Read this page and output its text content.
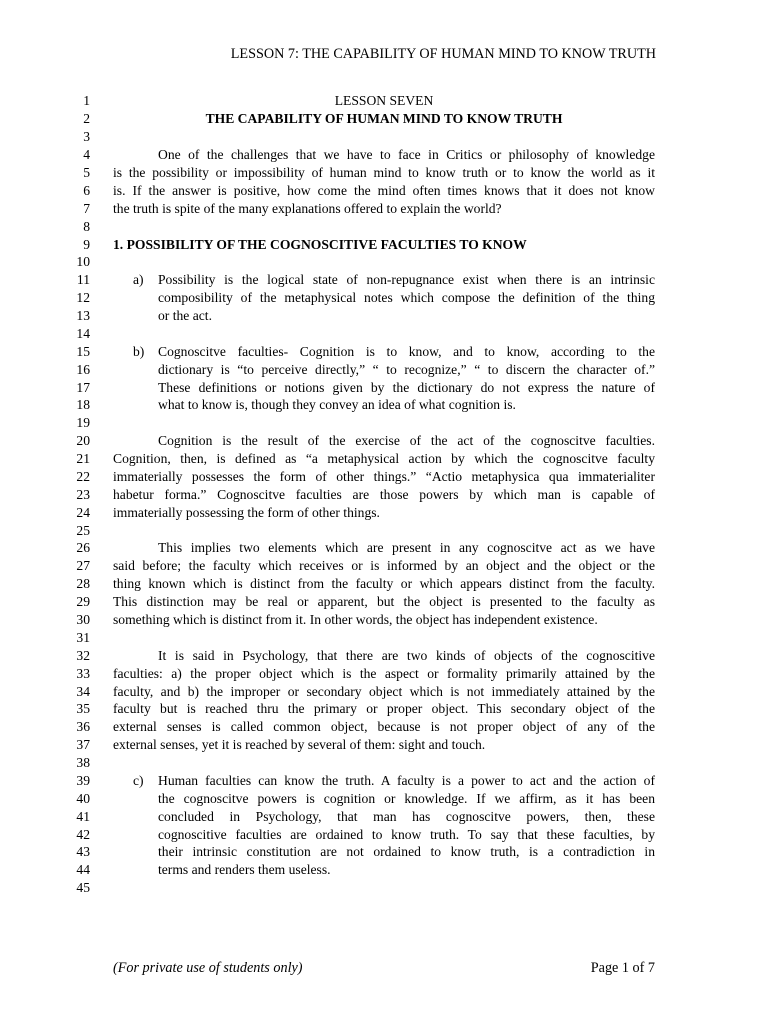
LESSON 7: THE CAPABILITY OF HUMAN MIND TO KNOW TRUTH
1
2
3
4
5
6
7
8
9
10
11
12
13
14
15
16
17
18
19
20
21
22
23
24
25
26
27
28
29
30
31
32
33
34
35
36
37
38
39
40
41
42
43
44
45
LESSON SEVEN
THE CAPABILITY OF HUMAN MIND TO KNOW TRUTH
One of the challenges that we have to face in Critics or philosophy of knowledge
is the possibility or impossibility of human mind to know truth or to know the world as it
is. If the answer is positive, how come the mind often times knows that it does not know
the truth is spite of the many explanations offered to explain the world?
1. POSSIBILITY OF THE COGNOSCITIVE FACULTIES TO KNOW
a) Possibility is the logical state of non-repugnance exist when there is an intrinsic
composibility of the metaphysical notes which compose the definition of the thing
or the act.
b) Cognoscitve faculties- Cognition is to know, and to know, according to the
dictionary is “to perceive directly,” “ to recognize,” “ to discern the character of.”
These definitions or notions given by the dictionary do not express the nature of
what to know is, though they convey an idea of what cognition is.
Cognition is the result of the exercise of the act of the cognoscitve faculties.
Cognition, then, is defined as “a metaphysical action by which the cognoscitve faculty
immaterially possesses the form of other things.” “Actio metaphysica qua immaterialiter
habetur forma.” Cognoscitve faculties are those powers by which man is capable of
immaterially possessing the form of other things.
This implies two elements which are present in any cognoscitve act as we have
said before; the faculty which receives or is informed by an object and the object or the
thing known which is distinct from the faculty or which appears distinct from the faculty.
This distinction may be real or apparent, but the object is presented to the faculty as
something which is distinct from it. In other words, the object has independent existence.
It is said in Psychology, that there are two kinds of objects of the cognoscitive
faculties: a) the proper object which is the aspect or formality primarily attained by the
faculty, and b) the improper or secondary object which is not immediately attained by the
faculty but is reached thru the primary or proper object. This secondary object of the
external senses is called common object, because is not proper object of any of the
external senses, yet it is reached by several of them: sight and touch.
c) Human faculties can know the truth. A faculty is a power to act and the action of
the cognoscitve powers is cognition or knowledge. If we affirm, as it has been
concluded in Psychology, that man has cognoscitve powers, then, these
cognoscitive faculties are ordained to know truth. To say that these faculties, by
their intrinsic constitution are not ordained to know truth, is a contradiction in
terms and renders them useless.
(For private use of students only)	Page 1 of 7
